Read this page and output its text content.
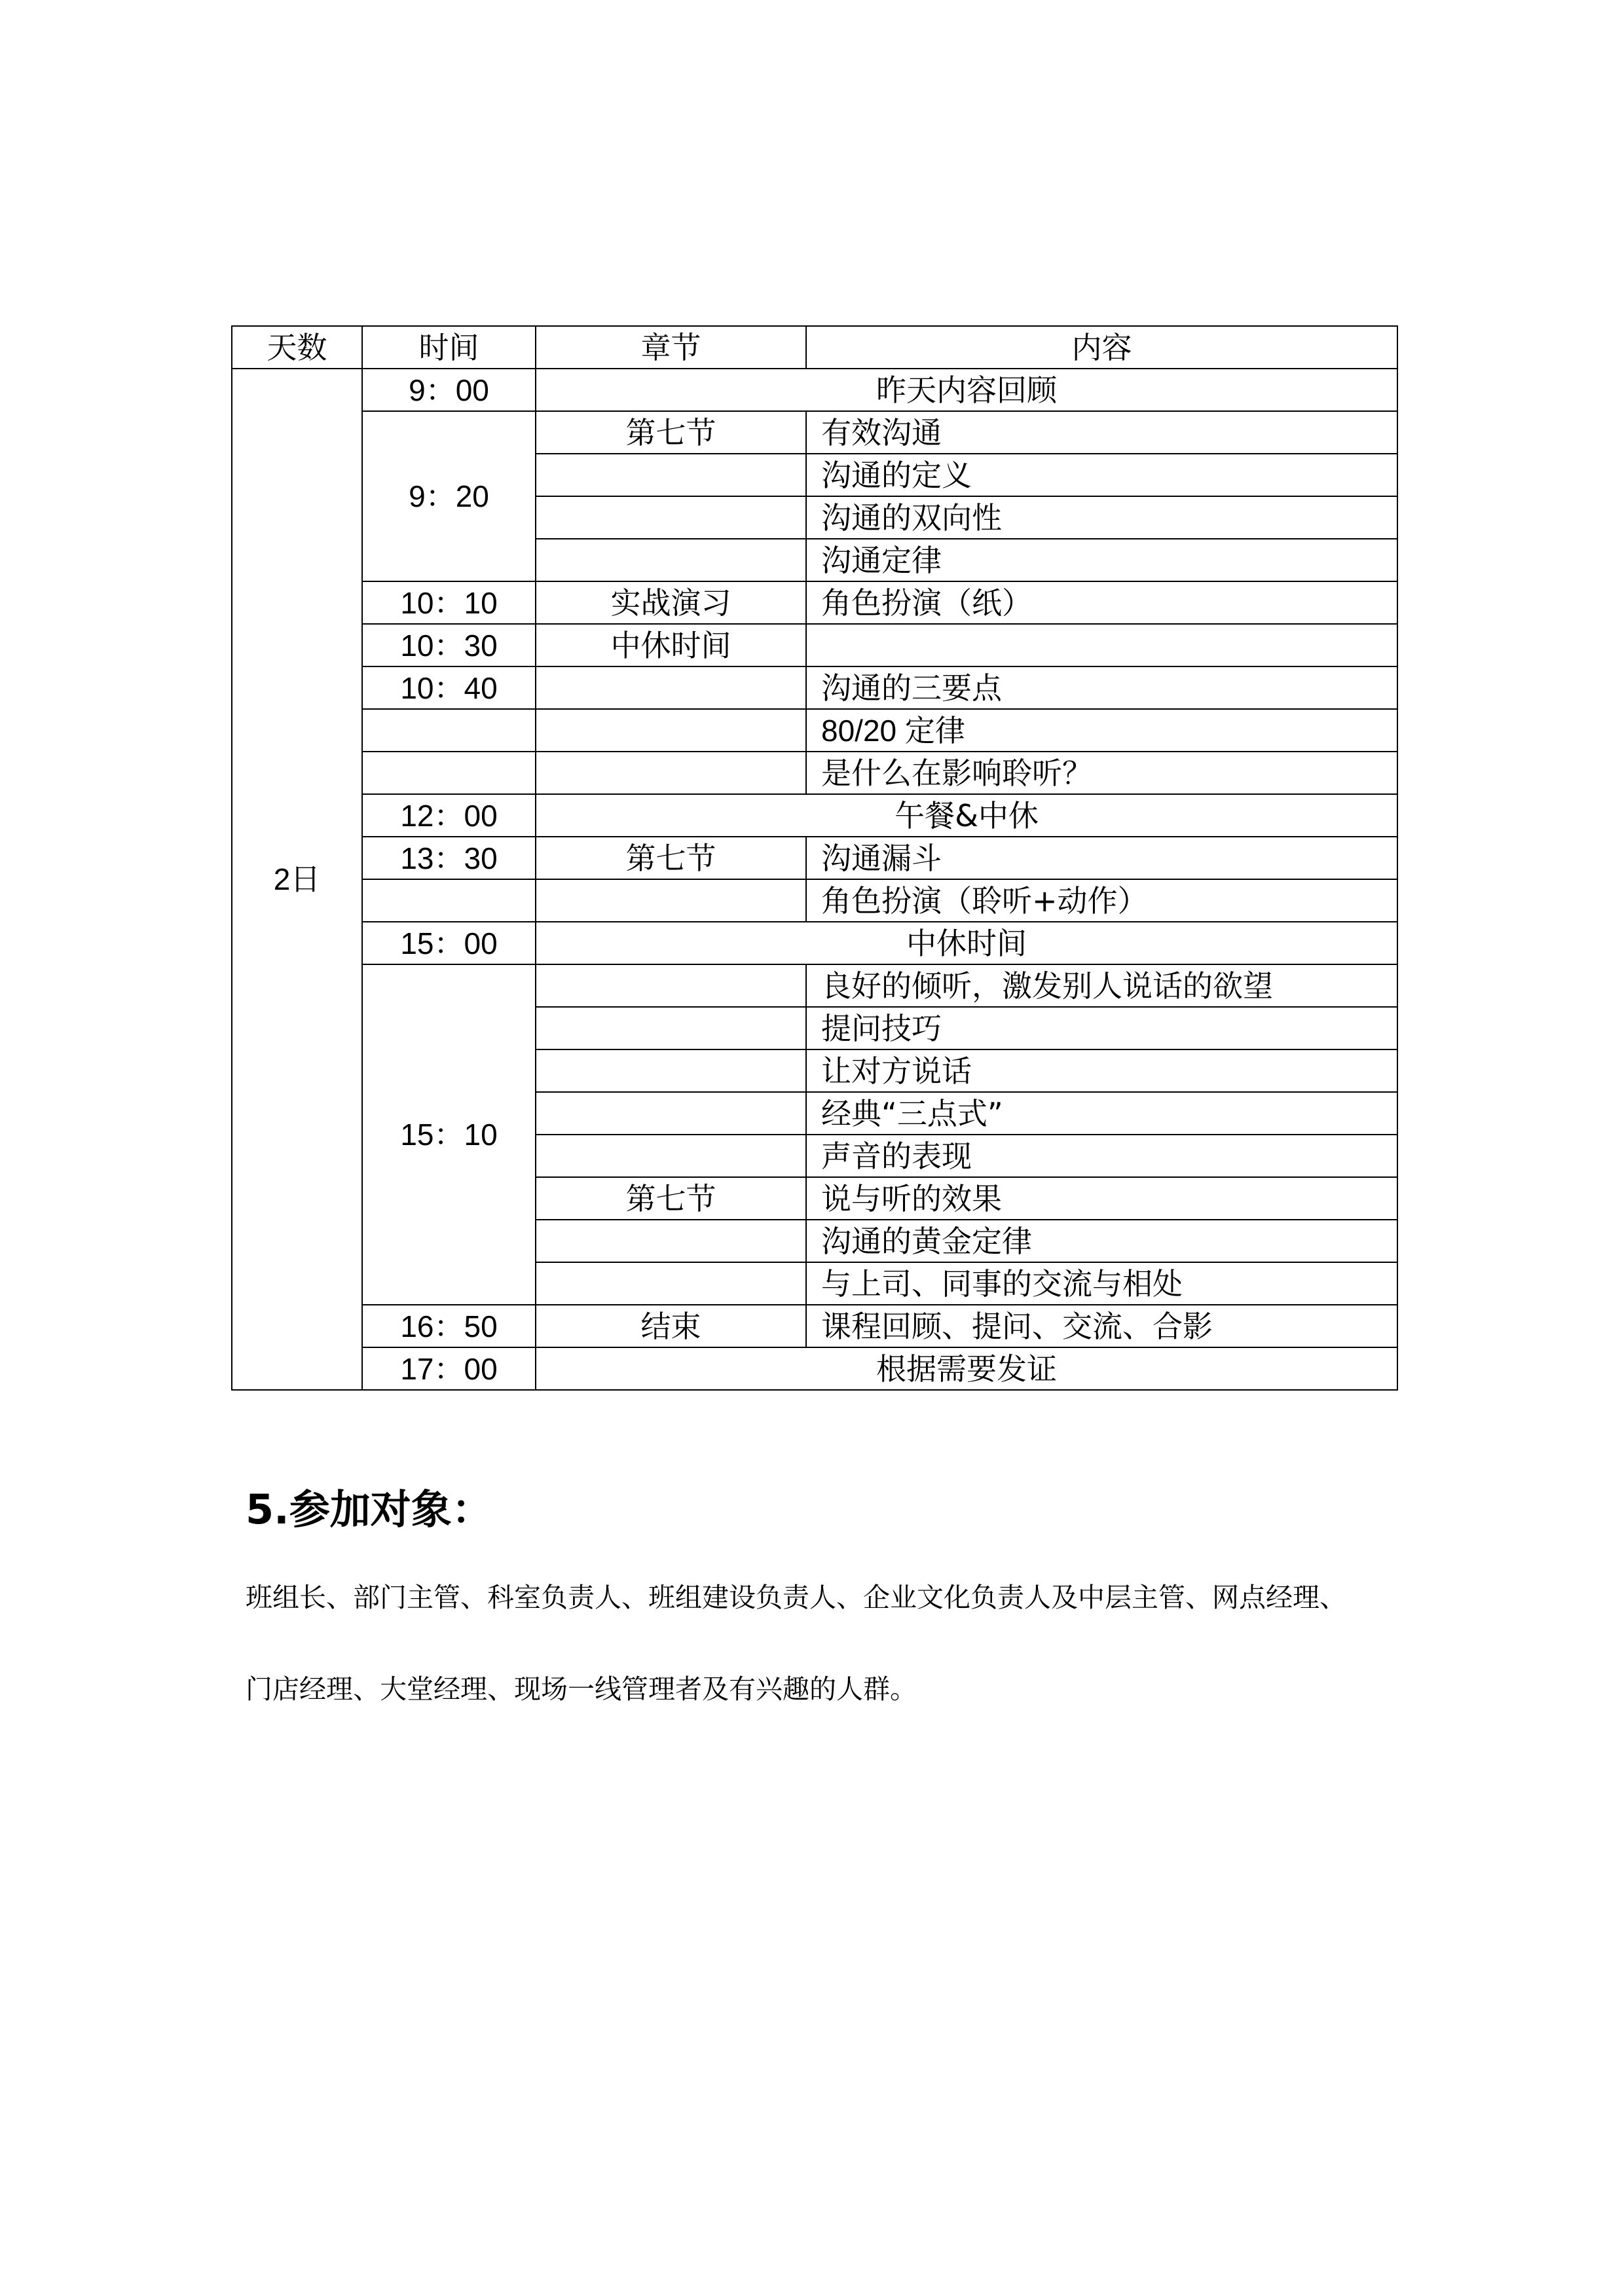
天数	时间	章节	内容
2日	9：00	昨天内容回顾	
	9：20	第七节	有效沟通
			沟通的定义
			沟通的双向性
			沟通定律
	10：10	实战演习	角色扮演（纸）
	10：30	中休时间	
	10：40		沟通的三要点
			80/20 定律
			是什么在影响聆听？
	12：00	午餐&中休	
	13：30	第七节	沟通漏斗
			角色扮演（聆听+动作）
	15：00	中休时间	
	15：10		良好的倾听，激发别人说话的欲望
			提问技巧
			让对方说话
			经典“三点式”
			声音的表现
		第七节	说与听的效果
			沟通的黄金定律
			与上司、同事的交流与相处
	16：50	结束	课程回顾、提问、交流、合影
	17：00	根据需要发证	
5.参加对象：

班组长、部门主管、科室负责人、班组建设负责人、企业文化负责人及中层主管、网点经理、

门店经理、大堂经理、现场一线管理者及有兴趣的人群。
